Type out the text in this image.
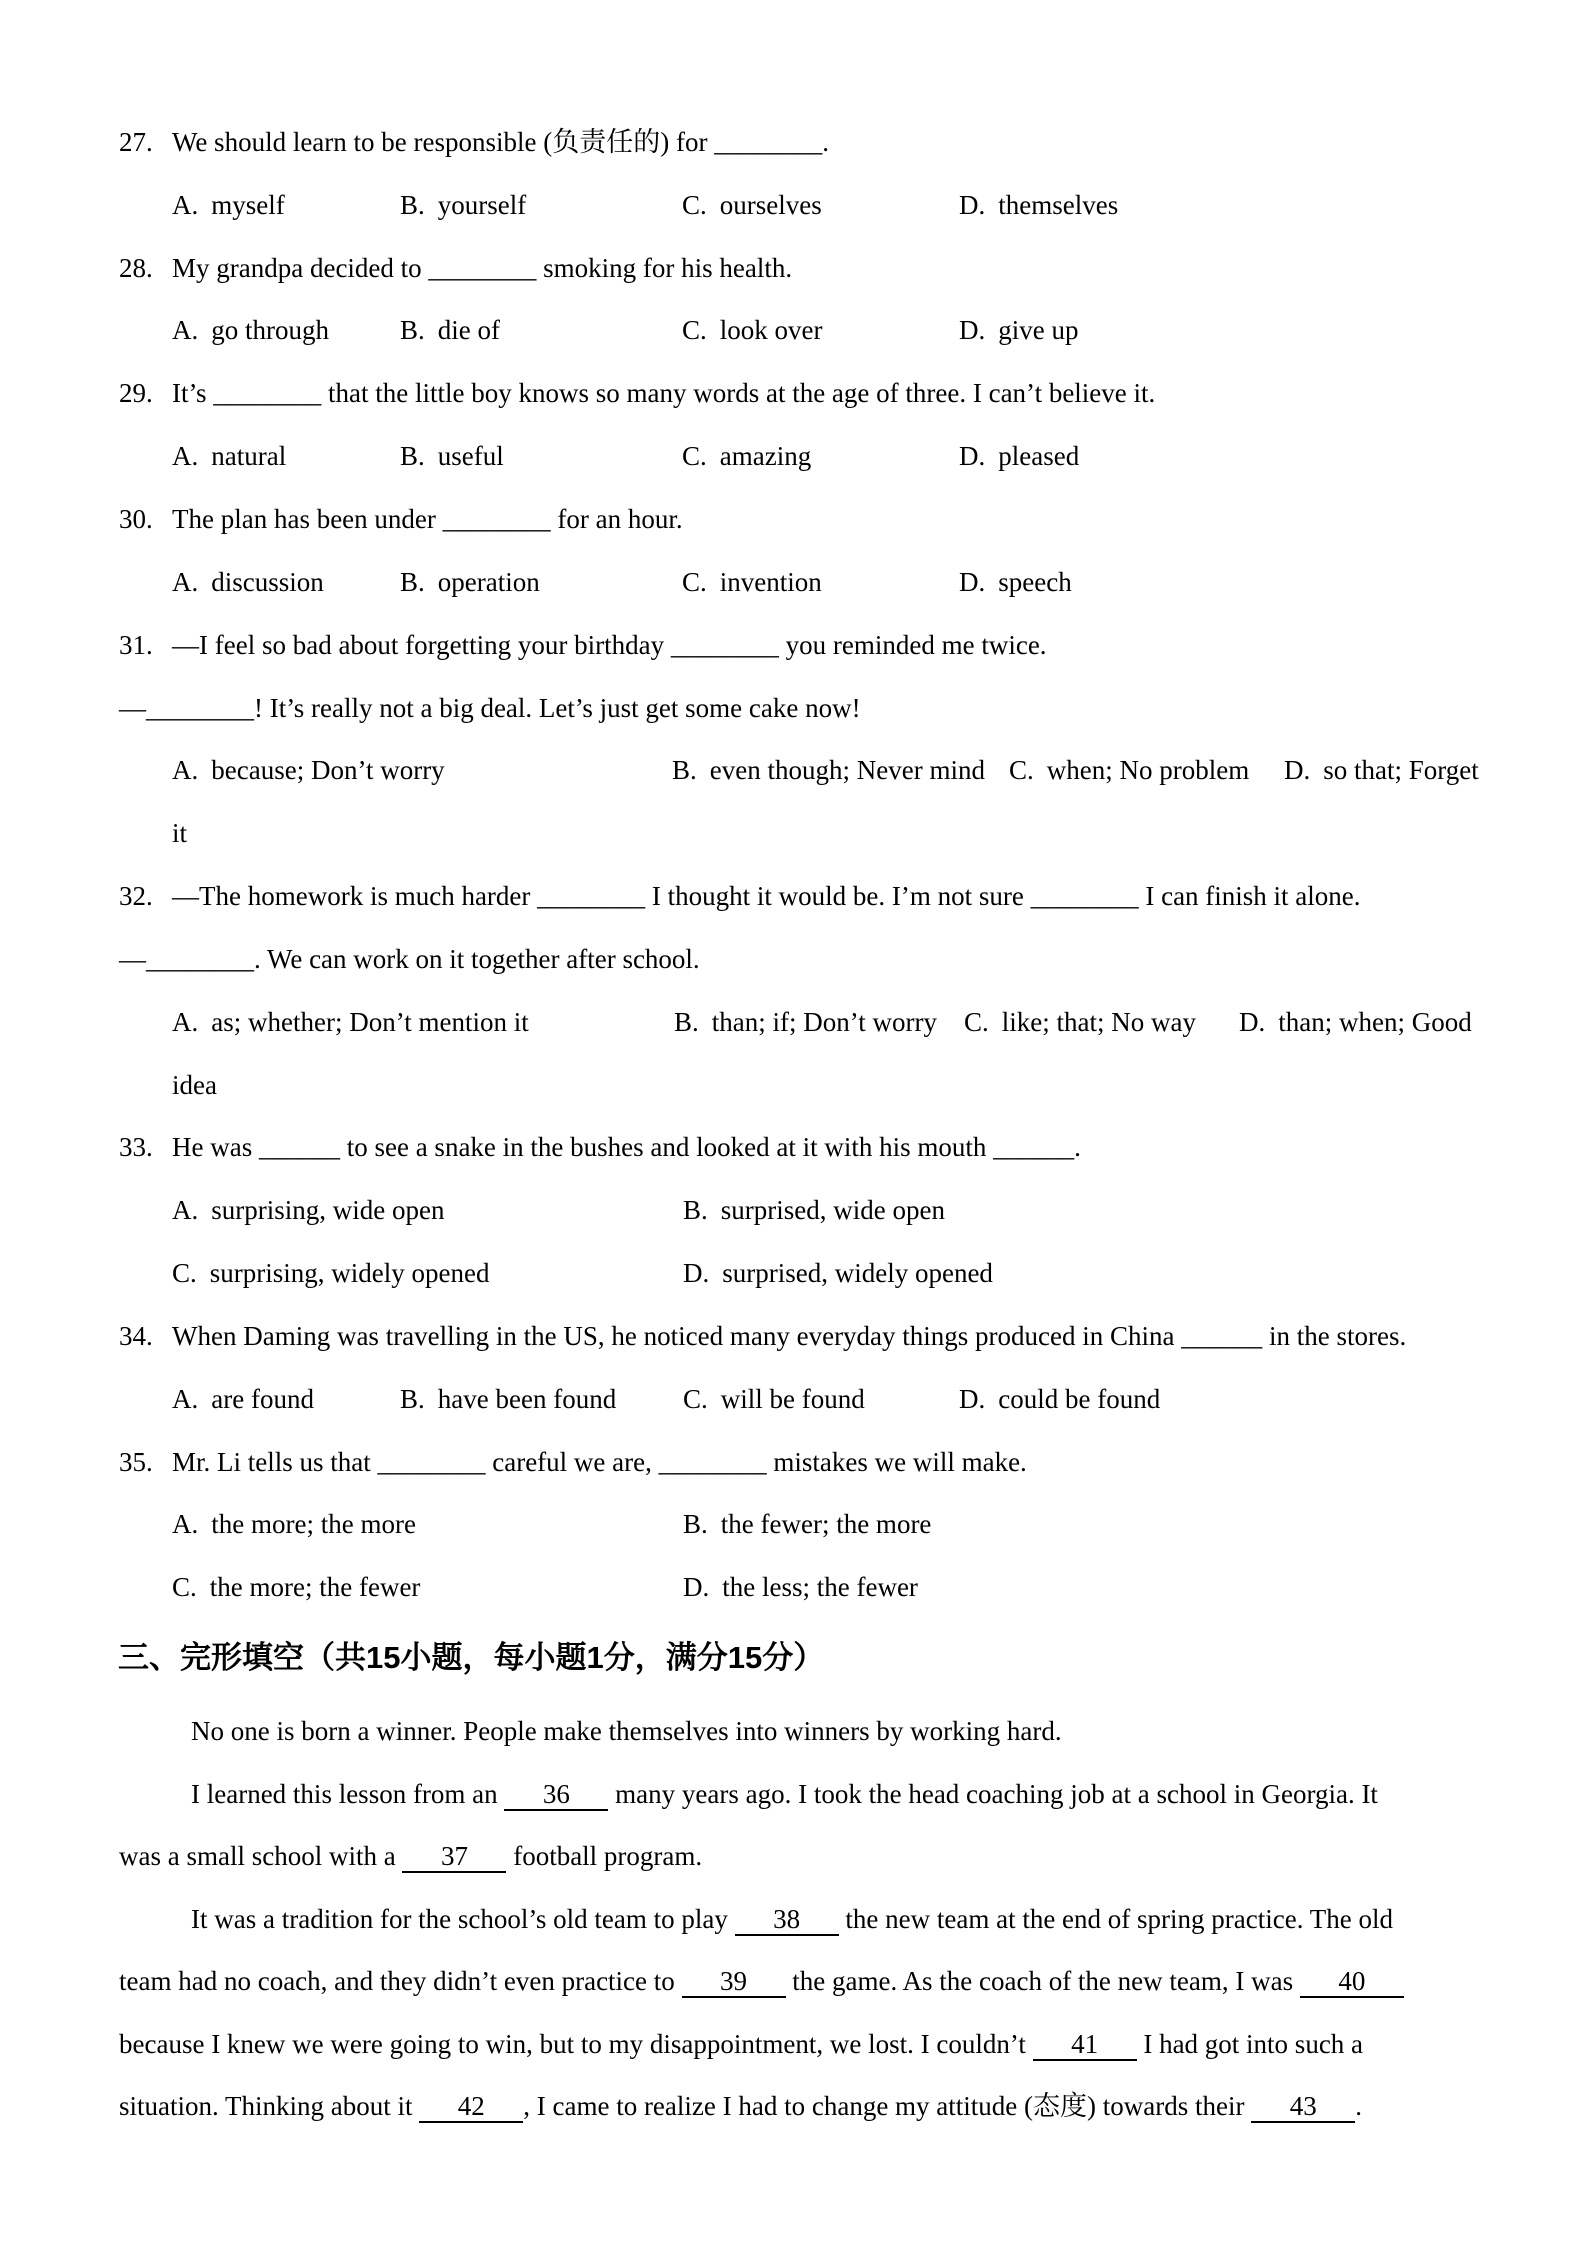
27. We should learn to be responsible (负责任的) for ________.
A. myself	B. yourself	C. ourselves	D. themselves
28. My grandpa decided to ________ smoking for his health.
A. go through	B. die of	C. look over	D. give up
29. It’s ________ that the little boy knows so many words at the age of three. I can’t believe it.
A. natural	B. useful	C. amazing	D. pleased
30. The plan has been under ________ for an hour.
A. discussion	B. operation	C. invention	D. speech
31. —I feel so bad about forgetting your birthday ________ you reminded me twice.
—________! It’s really not a big deal. Let’s just get some cake now!
A. because; Don’t worry	B. even though; Never mind C. when; No problem D. so that; Forget
it
32. —The homework is much harder ________ I thought it would be. I’m not sure ________ I can finish it alone.
—________. We can work on it together after school.
A. as; whether; Don’t mention it	B. than; if; Don’t worry C. like; that; No way D. than; when; Good
idea
33. He was ______ to see a snake in the bushes and looked at it with his mouth ______.
A. surprising, wide open	B. surprised, wide open
C. surprising, widely opened	D. surprised, widely opened
34. When Daming was travelling in the US, he noticed many everyday things produced in China ______ in the stores.
A. are found	B. have been found C. will be found	D. could be found
35. Mr. Li tells us that ________ careful we are, ________ mistakes we will make.
A. the more; the more	B. the fewer; the more
C. the more; the fewer	D. the less; the fewer
三、完形填空（共15小题，每小题1分，满分15分）
No one is born a winner. People make themselves into winners by working hard.
I learned this lesson from an 36 many years ago. I took the head coaching job at a school in Georgia. It
was a small school with a 37 football program.
It was a tradition for the school’s old team to play 38 the new team at the end of spring practice. The old
team had no coach, and they didn’t even practice to 39 the game. As the coach of the new team, I was 40
because I knew we were going to win, but to my disappointment, we lost. I couldn’t 41 I had got into such a
situation. Thinking about it 42 , I came to realize I had to change my attitude (态度) towards their 43 .
